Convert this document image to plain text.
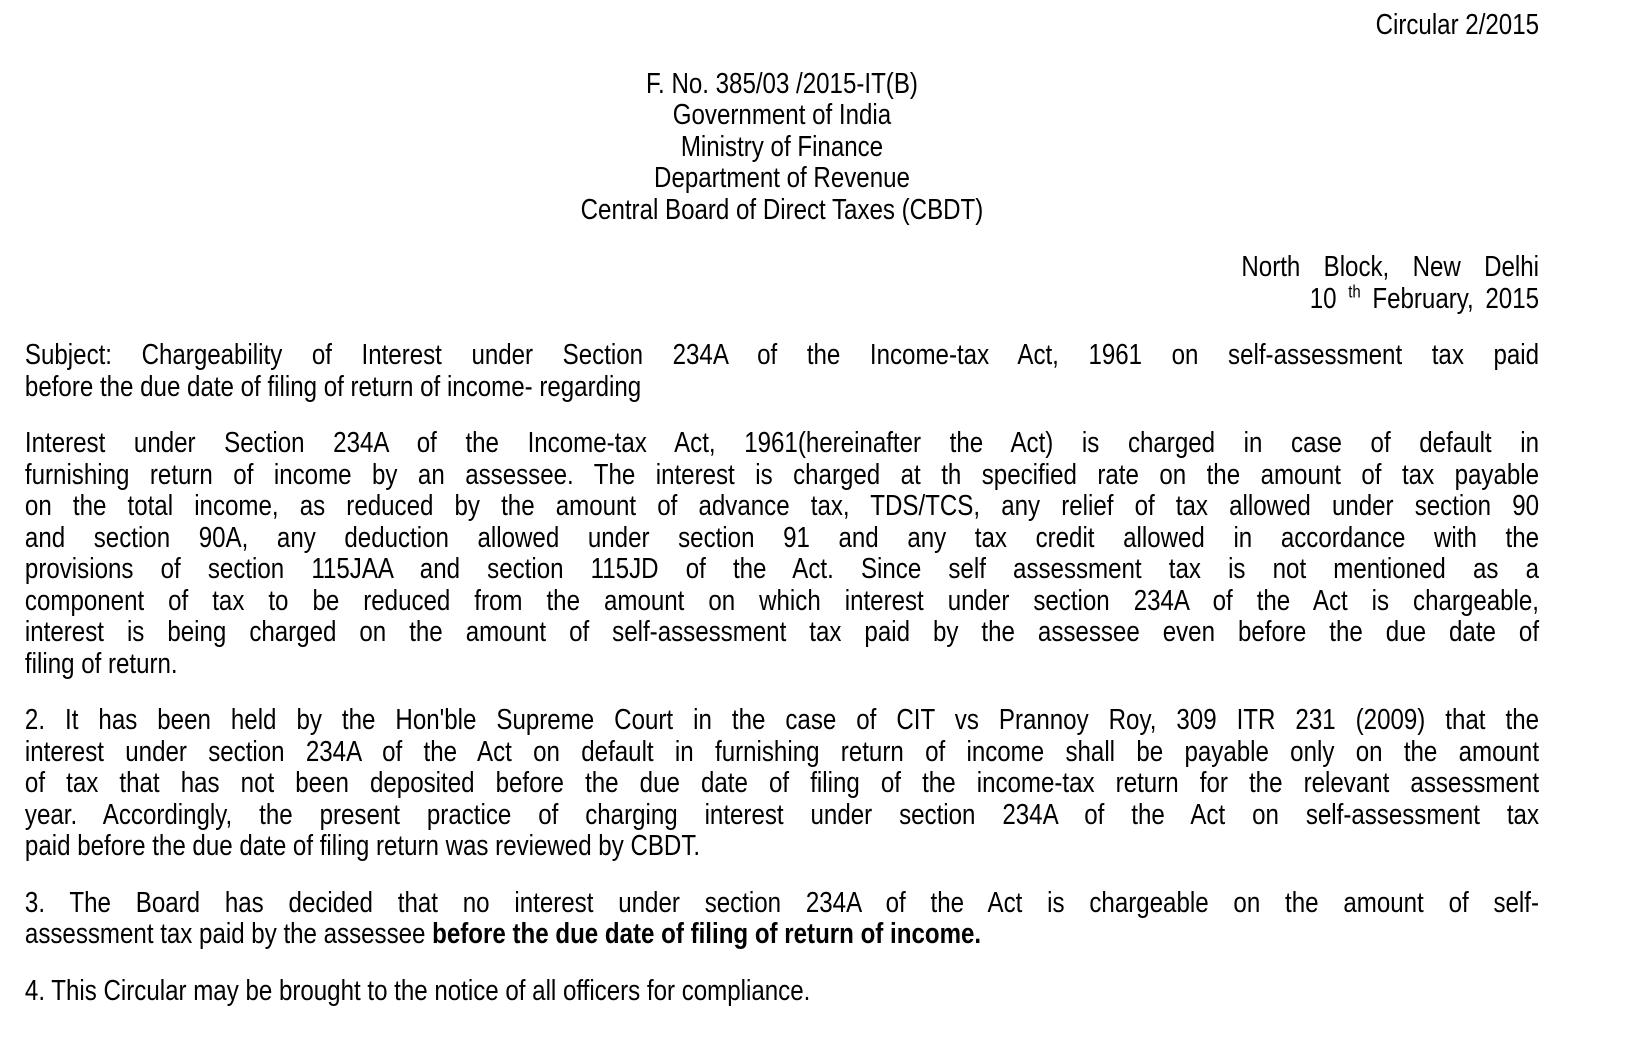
Circular 2/2015
F. No. 385/03 /2015-IT(B)
Government of India
Ministry of Finance
Department of Revenue
Central Board of Direct Taxes (CBDT)
North Block, New Delhi
10 $^{th}$ February, 2015
Subject: Chargeability of Interest under Section 234A of the Income-tax Act, 1961 on self-assessment tax paid
before the due date of filing of return of income- regarding
Interest under Section 234A of the Income-tax Act, 1961(hereinafter the Act) is charged in case of default in
furnishing return of income by an assessee. The interest is charged at th specified rate on the amount of tax payable
on the total income, as reduced by the amount of advance tax, TDS/TCS, any relief of tax allowed under section 90
and section 90A, any deduction allowed under section 91 and any tax credit allowed in accordance with the
provisions of section 115JAA and section 115JD of the Act. Since self assessment tax is not mentioned as a
component of tax to be reduced from the amount on which interest under section 234A of the Act is chargeable,
interest is being charged on the amount of self-assessment tax paid by the assessee even before the due date of
filing of return.
2. It has been held by the Hon'ble Supreme Court in the case of CIT vs Prannoy Roy, 309 ITR 231 (2009) that the
interest under section 234A of the Act on default in furnishing return of income shall be payable only on the amount
of tax that has not been deposited before the due date of filing of the income-tax return for the relevant assessment
year. Accordingly, the present practice of charging interest under section 234A of the Act on self-assessment tax
paid before the due date of filing return was reviewed by CBDT.
3. The Board has decided that no interest under section 234A of the Act is chargeable on the amount of self-
assessment tax paid by the assessee before the due date of filing of return of income.
4. This Circular may be brought to the notice of all officers for compliance.
